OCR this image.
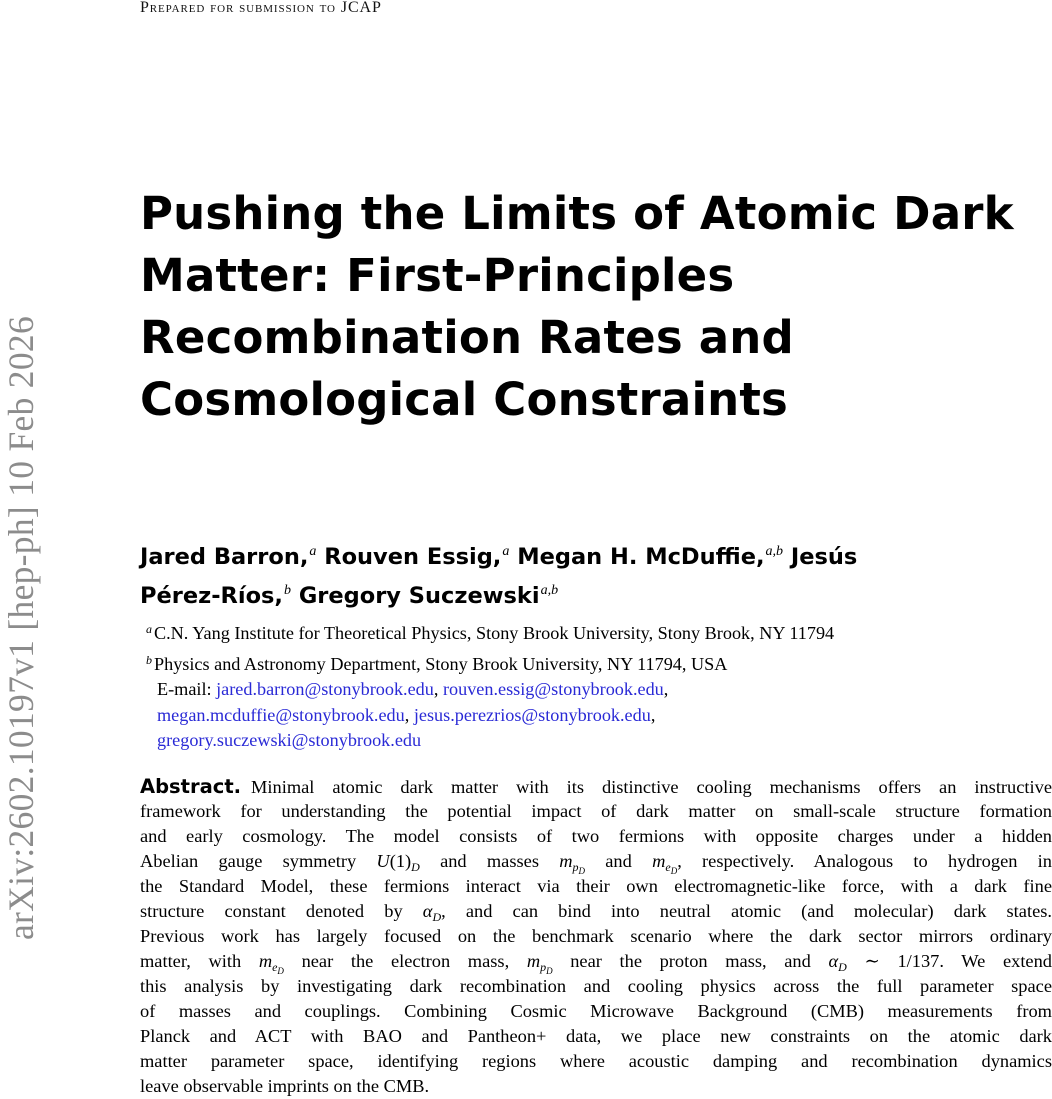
arXiv:2602.10197v1 [hep-ph] 10 Feb 2026
Prepared for submission to JCAP
Pushing the Limits of Atomic Dark
Matter: First-Principles
Recombination Rates and
Cosmological Constraints
Jared Barron,$^a$ Rouven Essig,$^a$ Megan H. McDuffie,$^{a,b}$ Jesús
Pérez-Ríos,$^b$ Gregory Suczewski$^{a,b}$
$^a$ C.N. Yang Institute for Theoretical Physics, Stony Brook University, Stony Brook, NY 11794
$^b$ Physics and Astronomy Department, Stony Brook University, NY 11794, USA
E-mail: jared.barron@stonybrook.edu, rouven.essig@stonybrook.edu,
megan.mcduffie@stonybrook.edu, jesus.perezrios@stonybrook.edu,
gregory.suczewski@stonybrook.edu
Abstract. Minimal atomic dark matter with its distinctive cooling mechanisms offers an instructive
framework for understanding the potential impact of dark matter on small-scale structure formation
and early cosmology. The model consists of two fermions with opposite charges under a hidden
Abelian gauge symmetry $U(1)_D$ and masses $m_{p_D}$ and $m_{e_D}$, respectively. Analogous to hydrogen in
the Standard Model, these fermions interact via their own electromagnetic-like force, with a dark fine
structure constant denoted by $\alpha_D$, and can bind into neutral atomic (and molecular) dark states.
Previous work has largely focused on the benchmark scenario where the dark sector mirrors ordinary
matter, with $m_{e_D}$ near the electron mass, $m_{p_D}$ near the proton mass, and $\alpha_D$ ∼ 1/137. We extend
this analysis by investigating dark recombination and cooling physics across the full parameter space
of masses and couplings. Combining Cosmic Microwave Background (CMB) measurements from
Planck and ACT with BAO and Pantheon+ data, we place new constraints on the atomic dark
matter parameter space, identifying regions where acoustic damping and recombination dynamics
leave observable imprints on the CMB.
